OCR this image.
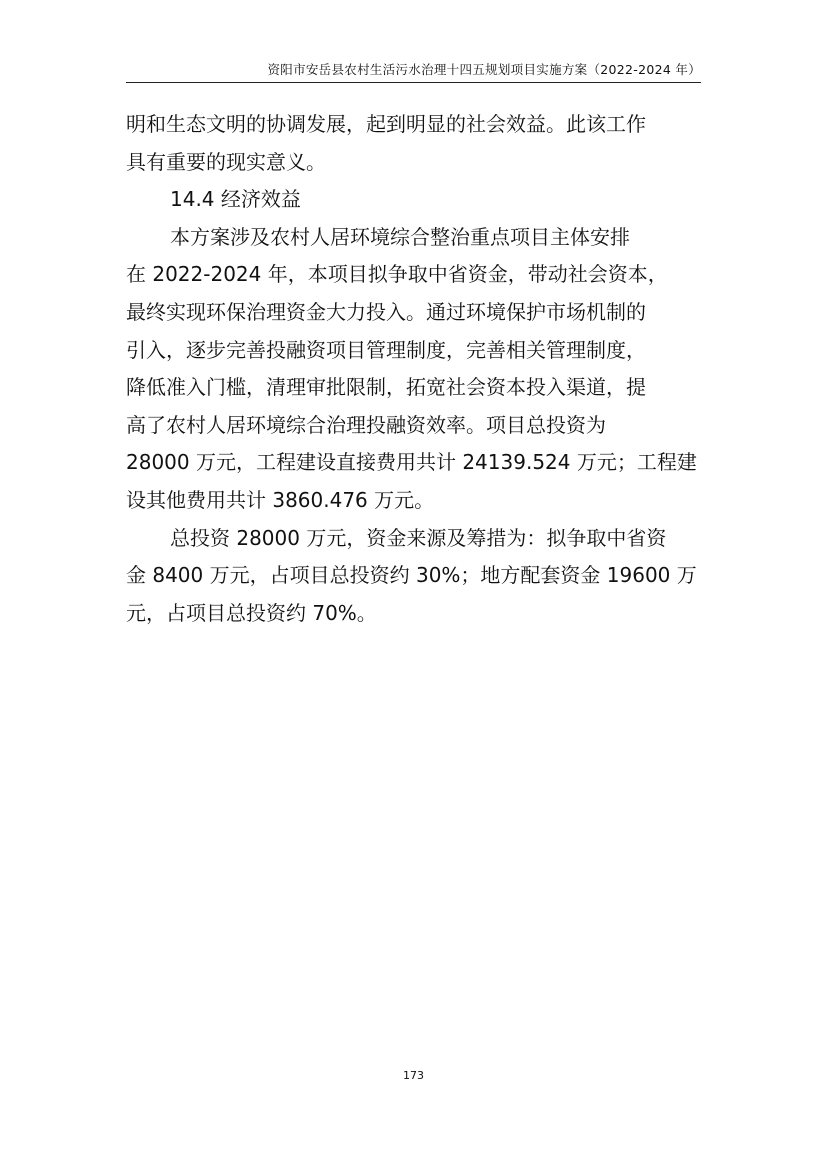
资阳市安岳县农村生活污水治理十四五规划项目实施方案（2022-2024 年）

明和生态文明的协调发展，起到明显的社会效益。此该工作
具有重要的现实意义。

14.4 经济效益

本方案涉及农村人居环境综合整治重点项目主体安排
在 2022-2024 年，本项目拟争取中省资金，带动社会资本，
最终实现环保治理资金大力投入。通过环境保护市场机制的
引入，逐步完善投融资项目管理制度，完善相关管理制度，
降低准入门槛，清理审批限制，拓宽社会资本投入渠道，提
高了农村人居环境综合治理投融资效率。项目总投资为
28000 万元，工程建设直接费用共计 24139.524 万元；工程建
设其他费用共计 3860.476 万元。

总投资 28000 万元，资金来源及筹措为：拟争取中省资
金 8400 万元，占项目总投资约 30%；地方配套资金 19600 万
元，占项目总投资约 70%。

173
